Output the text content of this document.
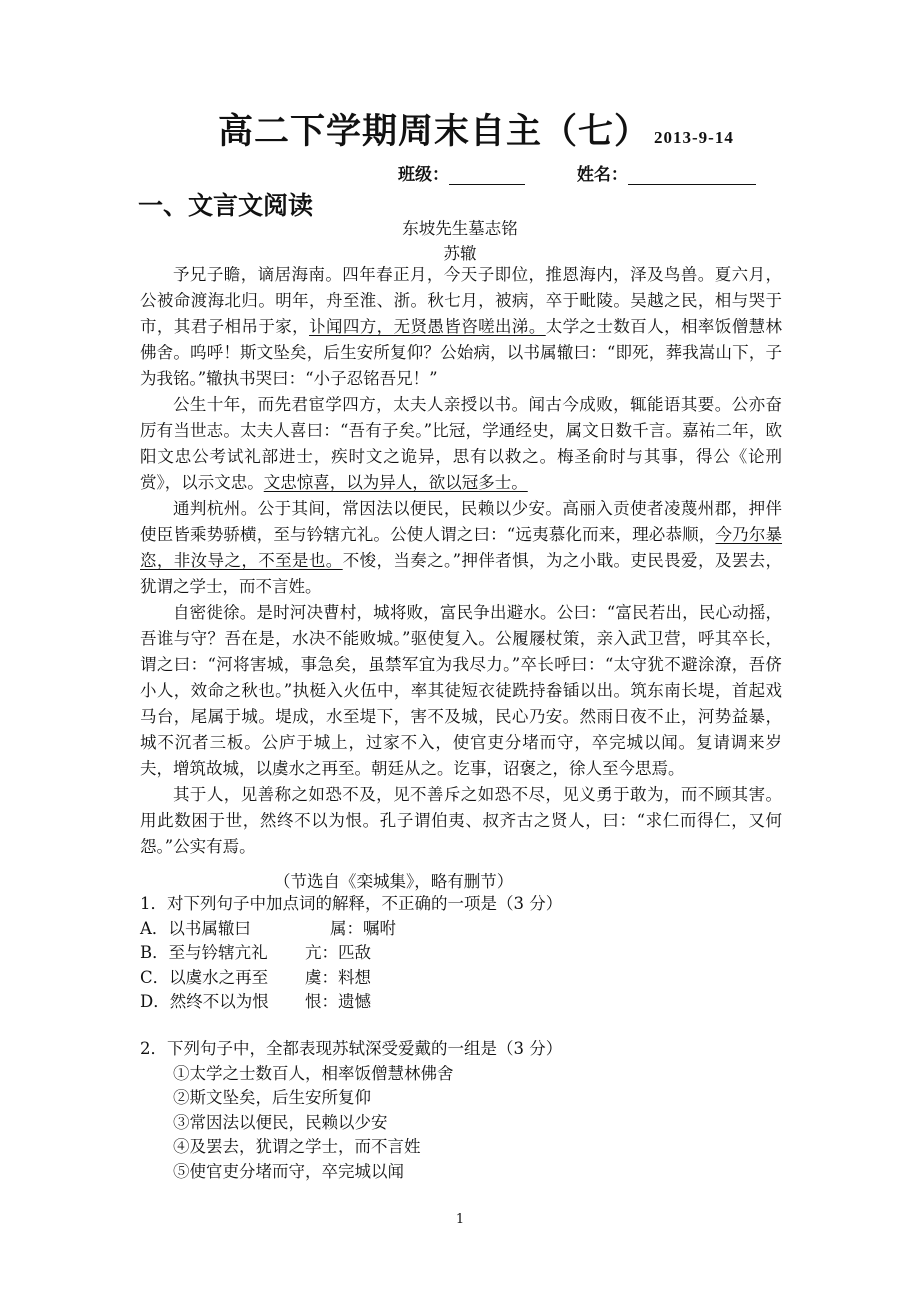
高二下学期周末自主（七） 2013-9-14
班级：	姓名：
一、文言文阅读
东坡先生墓志铭
苏辙

予兄子瞻，谪居海南。四年春正月，今天子即位，推恩海内，泽及鸟兽。夏六月，公被命渡海北归。明年，舟至淮、浙。秋七月，被病，卒于毗陵。吴越之民，相与哭于市，其君子相吊于家，讣闻四方，无贤愚皆咨嗟出涕。太学之士数百人，相率饭僧慧林佛舍。呜呼！斯文坠矣，后生安所复仰？公始病，以书属辙曰：“即死，葬我嵩山下，子为我铭。”辙执书哭曰：“小子忍铭吾兄！”

公生十年，而先君宦学四方，太夫人亲授以书。闻古今成败，辄能语其要。公亦奋厉有当世志。太夫人喜曰：“吾有子矣。”比冠，学通经史，属文日数千言。嘉祐二年，欧阳文忠公考试礼部进士，疾时文之诡异，思有以救之。梅圣俞时与其事，得公《论刑赏》，以示文忠。文忠惊喜，以为异人，欲以冠多士。

通判杭州。公于其间，常因法以便民，民赖以少安。高丽入贡使者凌蔑州郡，押伴使臣皆乘势骄横，至与钤辖亢礼。公使人谓之曰：“远夷慕化而来，理必恭顺，今乃尔暴恣，非汝导之，不至是也。不悛，当奏之。”押伴者惧，为之小戢。吏民畏爱，及罢去，犹谓之学士，而不言姓。

自密徙徐。是时河决曹村，城将败，富民争出避水。公曰：“富民若出，民心动摇，吾谁与守？吾在是，水决不能败城。”驱使复入。公履屦杖策，亲入武卫营，呼其卒长，谓之曰：“河将害城，事急矣，虽禁军宜为我尽力。”卒长呼曰：“太守犹不避涂潦，吾侪小人，效命之秋也。”执梃入火伍中，率其徒短衣徒跣持畚锸以出。筑东南长堤，首起戏马台，尾属于城。堤成，水至堤下，害不及城，民心乃安。然雨日夜不止，河势益暴，城不沉者三板。公庐于城上，过家不入，使官吏分堵而守，卒完城以闻。复请调来岁夫，增筑故城，以虞水之再至。朝廷从之。讫事，诏褒之，徐人至今思焉。

其于人，见善称之如恐不及，见不善斥之如恐不尽，见义勇于敢为，而不顾其害。用此数困于世，然终不以为恨。孔子谓伯夷、叔齐古之贤人，曰：“求仁而得仁，又何怨。”公实有焉。

（节选自《栾城集》，略有删节）
1．对下列句子中加点词的解释，不正确的一项是（3 分）
A．以书属辙曰	属：嘱咐
B．至与钤辖亢礼 亢：匹敌
C．以虞水之再至 虞：料想
D．然终不以为恨 恨：遗憾
2．下列句子中，全都表现苏轼深受爱戴的一组是（3 分）
①太学之士数百人，相率饭僧慧林佛舍
②斯文坠矣，后生安所复仰
③常因法以便民，民赖以少安
④及罢去，犹谓之学士，而不言姓
⑤使官吏分堵而守，卒完城以闻
1
